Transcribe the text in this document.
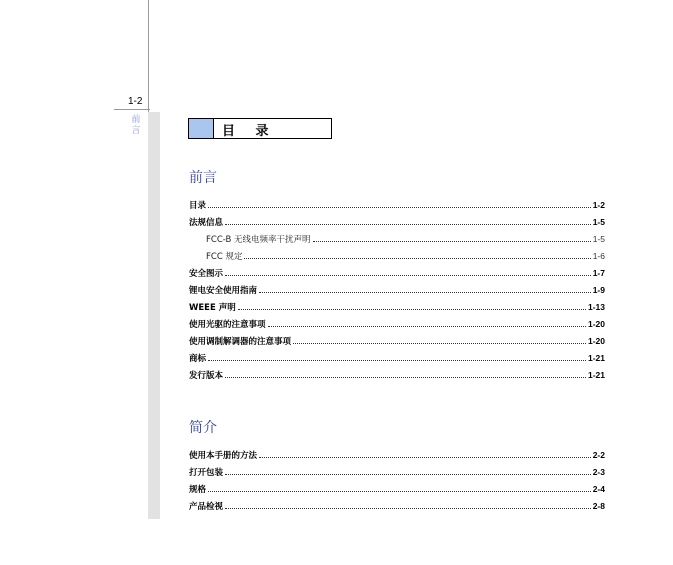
1-2
前言	目 录
前言
目录	1-2
法规信息	1-5
FCC-B 无线电频率干扰声明	1-5
FCC 规定	1-6
安全图示	1-7
锂电安全使用指南	1-9
WEEE 声明	1-13
使用光驱的注意事项	1-20
使用调制解调器的注意事项	1-20
商标	1-21
发行版本	1-21
简介
使用本手册的方法	2-2
打开包装	2-3
规格	2-4
产品检视	2-8
